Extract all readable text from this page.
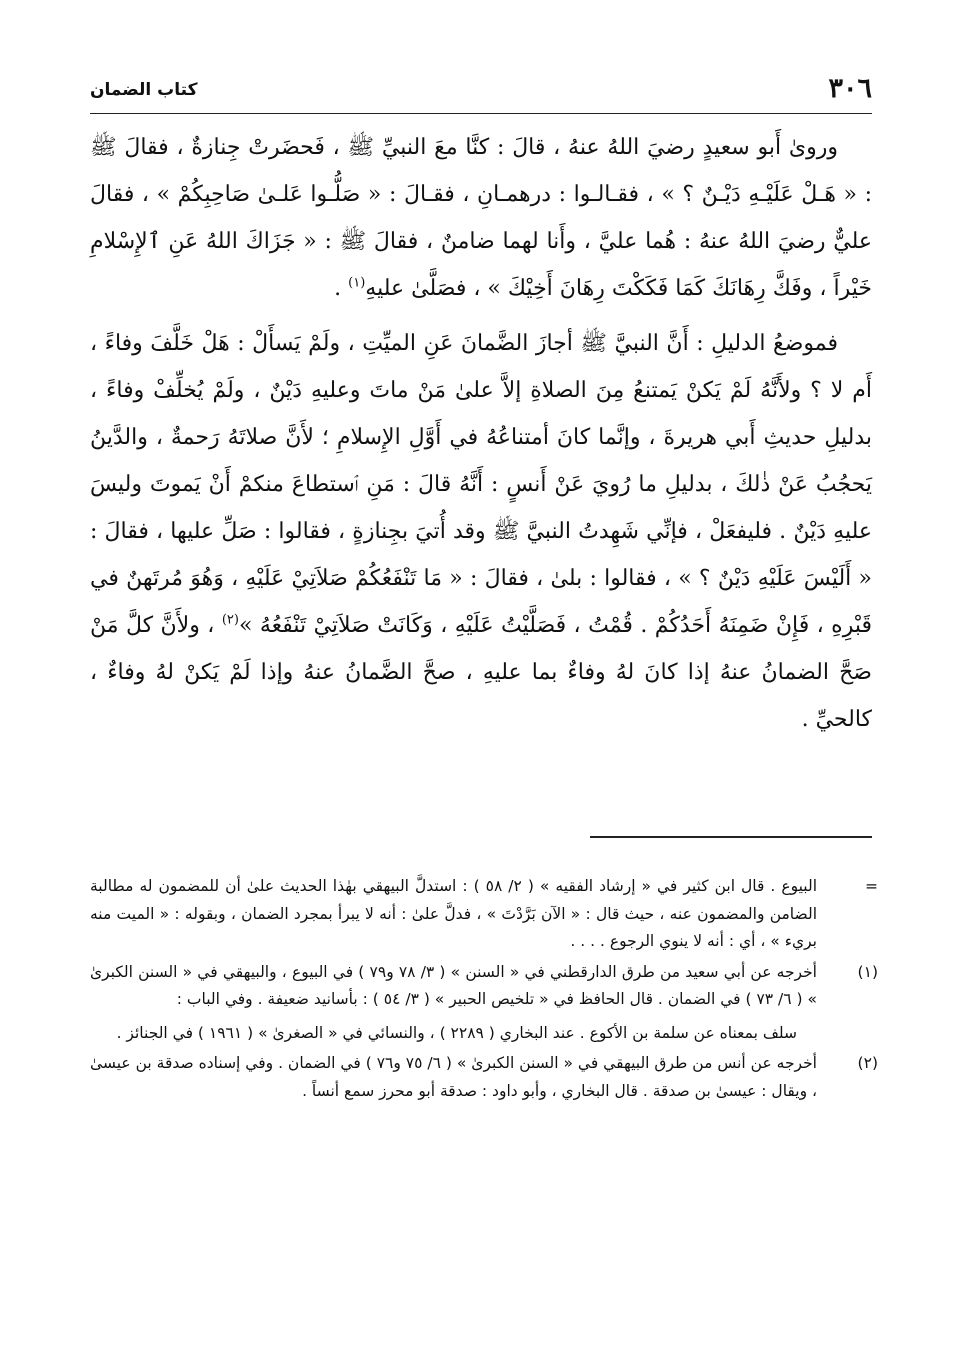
٣٠٦
كتاب الضمان

وروىٰ أَبو سعيدٍ رضيَ اللهُ عنهُ ، قالَ : كنَّا معَ النبيِّ ﷺ ، فَحضَرتْ جِنازةٌ ، فقالَ ﷺ : « هَـلْ عَلَيْـهِ دَيْـنٌ ؟ » ، فقـالـوا : درهمـانِ ، فقـالَ : « صَلُّـوا عَلـىٰ صَاحِبِكُمْ » ، فقالَ عليٌّ رضيَ اللهُ عنهُ : هُما عليَّ ، وأَنا لهما ضامنٌ ، فقالَ ﷺ : « جَزَاكَ اللهُ عَنِ ٱلإِسْلامِ خَيْراً ، وفَكَّ رِهَانَكَ كَمَا فَكَكْتَ رِهَانَ أَخِيْكَ » ، فصَلَّىٰ عليهِ$^{(١)}$ .

فموضعُ الدليلِ : أَنَّ النبيَّ ﷺ أجازَ الضَّمانَ عَنِ الميِّتِ ، ولَمْ يَسأَلْ : هَلْ خَلَّفَ وفاءً ، أَم لا ؟ ولأَنَّهُ لَمْ يَكنْ يَمتنعُ مِنَ الصلاةِ إلاَّ علىٰ مَنْ ماتَ وعليهِ دَيْنٌ ، ولَمْ يُخلِّفْ وفاءً ، بدليلِ حديثِ أَبي هريرةَ ، وإنَّما كانَ أمتناعُهُ في أَوَّلِ الإِسلامِ ؛ لأَنَّ صلاتَهُ رَحمةٌ ، والدَّينُ يَحجُبُ عَنْ ذٰلكَ ، بدليلِ ما رُويَ عَنْ أَنسٍ : أَنَّهُ قالَ : مَنِ ٱستطاعَ منكمْ أَنْ يَموتَ وليسَ عليهِ دَيْنٌ . فليفعَلْ ، فإنِّي شَهِدتُ النبيَّ ﷺ وقد أُتيَ بجِنازةٍ ، فقالوا : صَلِّ عليها ، فقالَ : « أَلَيْسَ عَلَيْهِ دَيْنٌ ؟ » ، فقالوا : بلىٰ ، فقالَ : « مَا تَنْفَعُكُمْ صَلاَتِيْ عَلَيْهِ ، وَهُوَ مُرتَهنٌ في قَبْرِهِ ، فَإِنْ ضَمِنَهُ أَحَدُكُمْ . قُمْتُ ، فَصَلَّيْتُ عَلَيْهِ ، وَكَانَتْ صَلاَتِيْ تَنْفَعُهُ »$^{(٢)}$ ، ولأَنَّ كلَّ مَنْ صَحَّ الضمانُ عنهُ إذا كانَ لهُ وفاءٌ بما عليهِ ، صحَّ الضَّمانُ عنهُ وإذا لَمْ يَكنْ لهُ وفاءٌ ، كالحيِّ .

=
البيوع . قال ابن كثير في « إرشاد الفقيه » ( ٢/ ٥٨ ) : استدلَّ البيهقي بهٰذا الحديث علىٰ أن للمضمون له مطالبة الضامن والمضمون عنه ، حيث قال : « الآن بَرَّدْتَ » ، فدلَّ علىٰ : أنه لا يبرأ بمجرد الضمان ، وبقوله : « الميت منه بريء » ، أي : أنه لا ينوي الرجوع . . . .
(١)
أخرجه عن أبي سعيد من طرق الدارقطني في « السنن » ( ٣/ ٧٨ و٧٩ ) في البيوع ، والبيهقي في « السنن الكبرىٰ » ( ٦/ ٧٣ ) في الضمان . قال الحافظ في « تلخيص الحبير » ( ٣/ ٥٤ ) : بأسانيد ضعيفة . وفي الباب :
سلف بمعناه عن سلمة بن الأكوع . عند البخاري ( ٢٢٨٩ ) ، والنسائي في « الصغرىٰ » ( ١٩٦١ ) في الجنائز .
(٢)
أخرجه عن أنس من طرق البيهقي في « السنن الكبرىٰ » ( ٦/ ٧٥ و٧٦ ) في الضمان . وفي إسناده صدقة بن عيسىٰ ، ويقال : عيسىٰ بن صدقة . قال البخاري ، وأبو داود : صدقة أبو محرز سمع أنساً .
